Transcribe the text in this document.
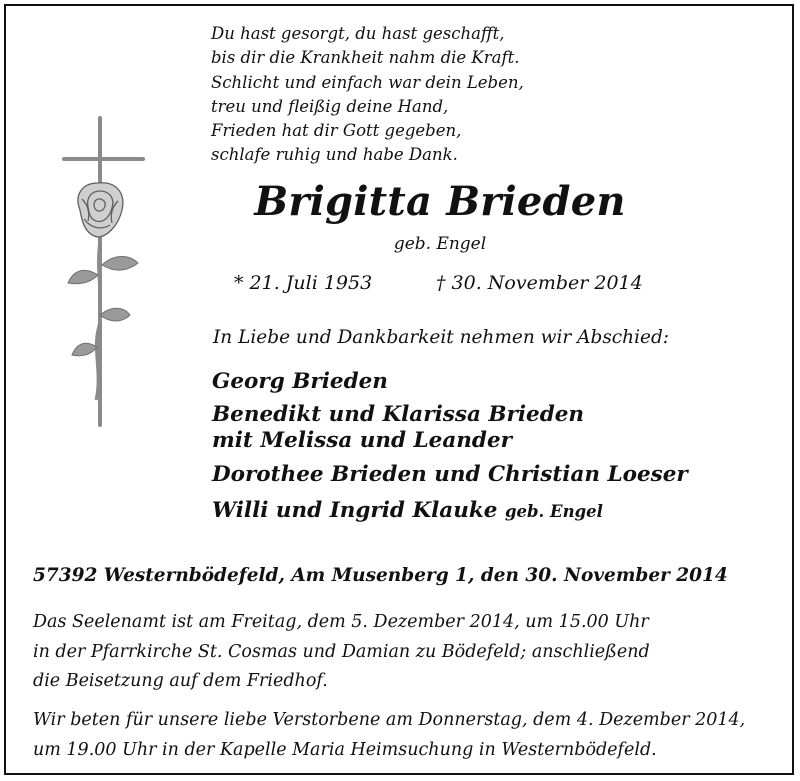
Du hast gesorgt, du hast geschafft,
bis dir die Krankheit nahm die Kraft.
Schlicht und einfach war dein Leben,
treu und fleißig deine Hand,
Frieden hat dir Gott gegeben,
schlafe ruhig und habe Dank.
Brigitta Brieden
geb. Engel
* 21. Juli 1953	† 30. November 2014
In Liebe und Dankbarkeit nehmen wir Abschied:
Georg Brieden
Benedikt und Klarissa Brieden
mit Melissa und Leander
Dorothee Brieden und Christian Loeser
Willi und Ingrid Klauke geb. Engel
57392 Westernbödefeld, Am Musenberg 1, den 30. November 2014
Das Seelenamt ist am Freitag, dem 5. Dezember 2014, um 15.00 Uhr
in der Pfarrkirche St. Cosmas und Damian zu Bödefeld; anschließend
die Beisetzung auf dem Friedhof.
Wir beten für unsere liebe Verstorbene am Donnerstag, dem 4. Dezember 2014,
um 19.00 Uhr in der Kapelle Maria Heimsuchung in Westernbödefeld.
